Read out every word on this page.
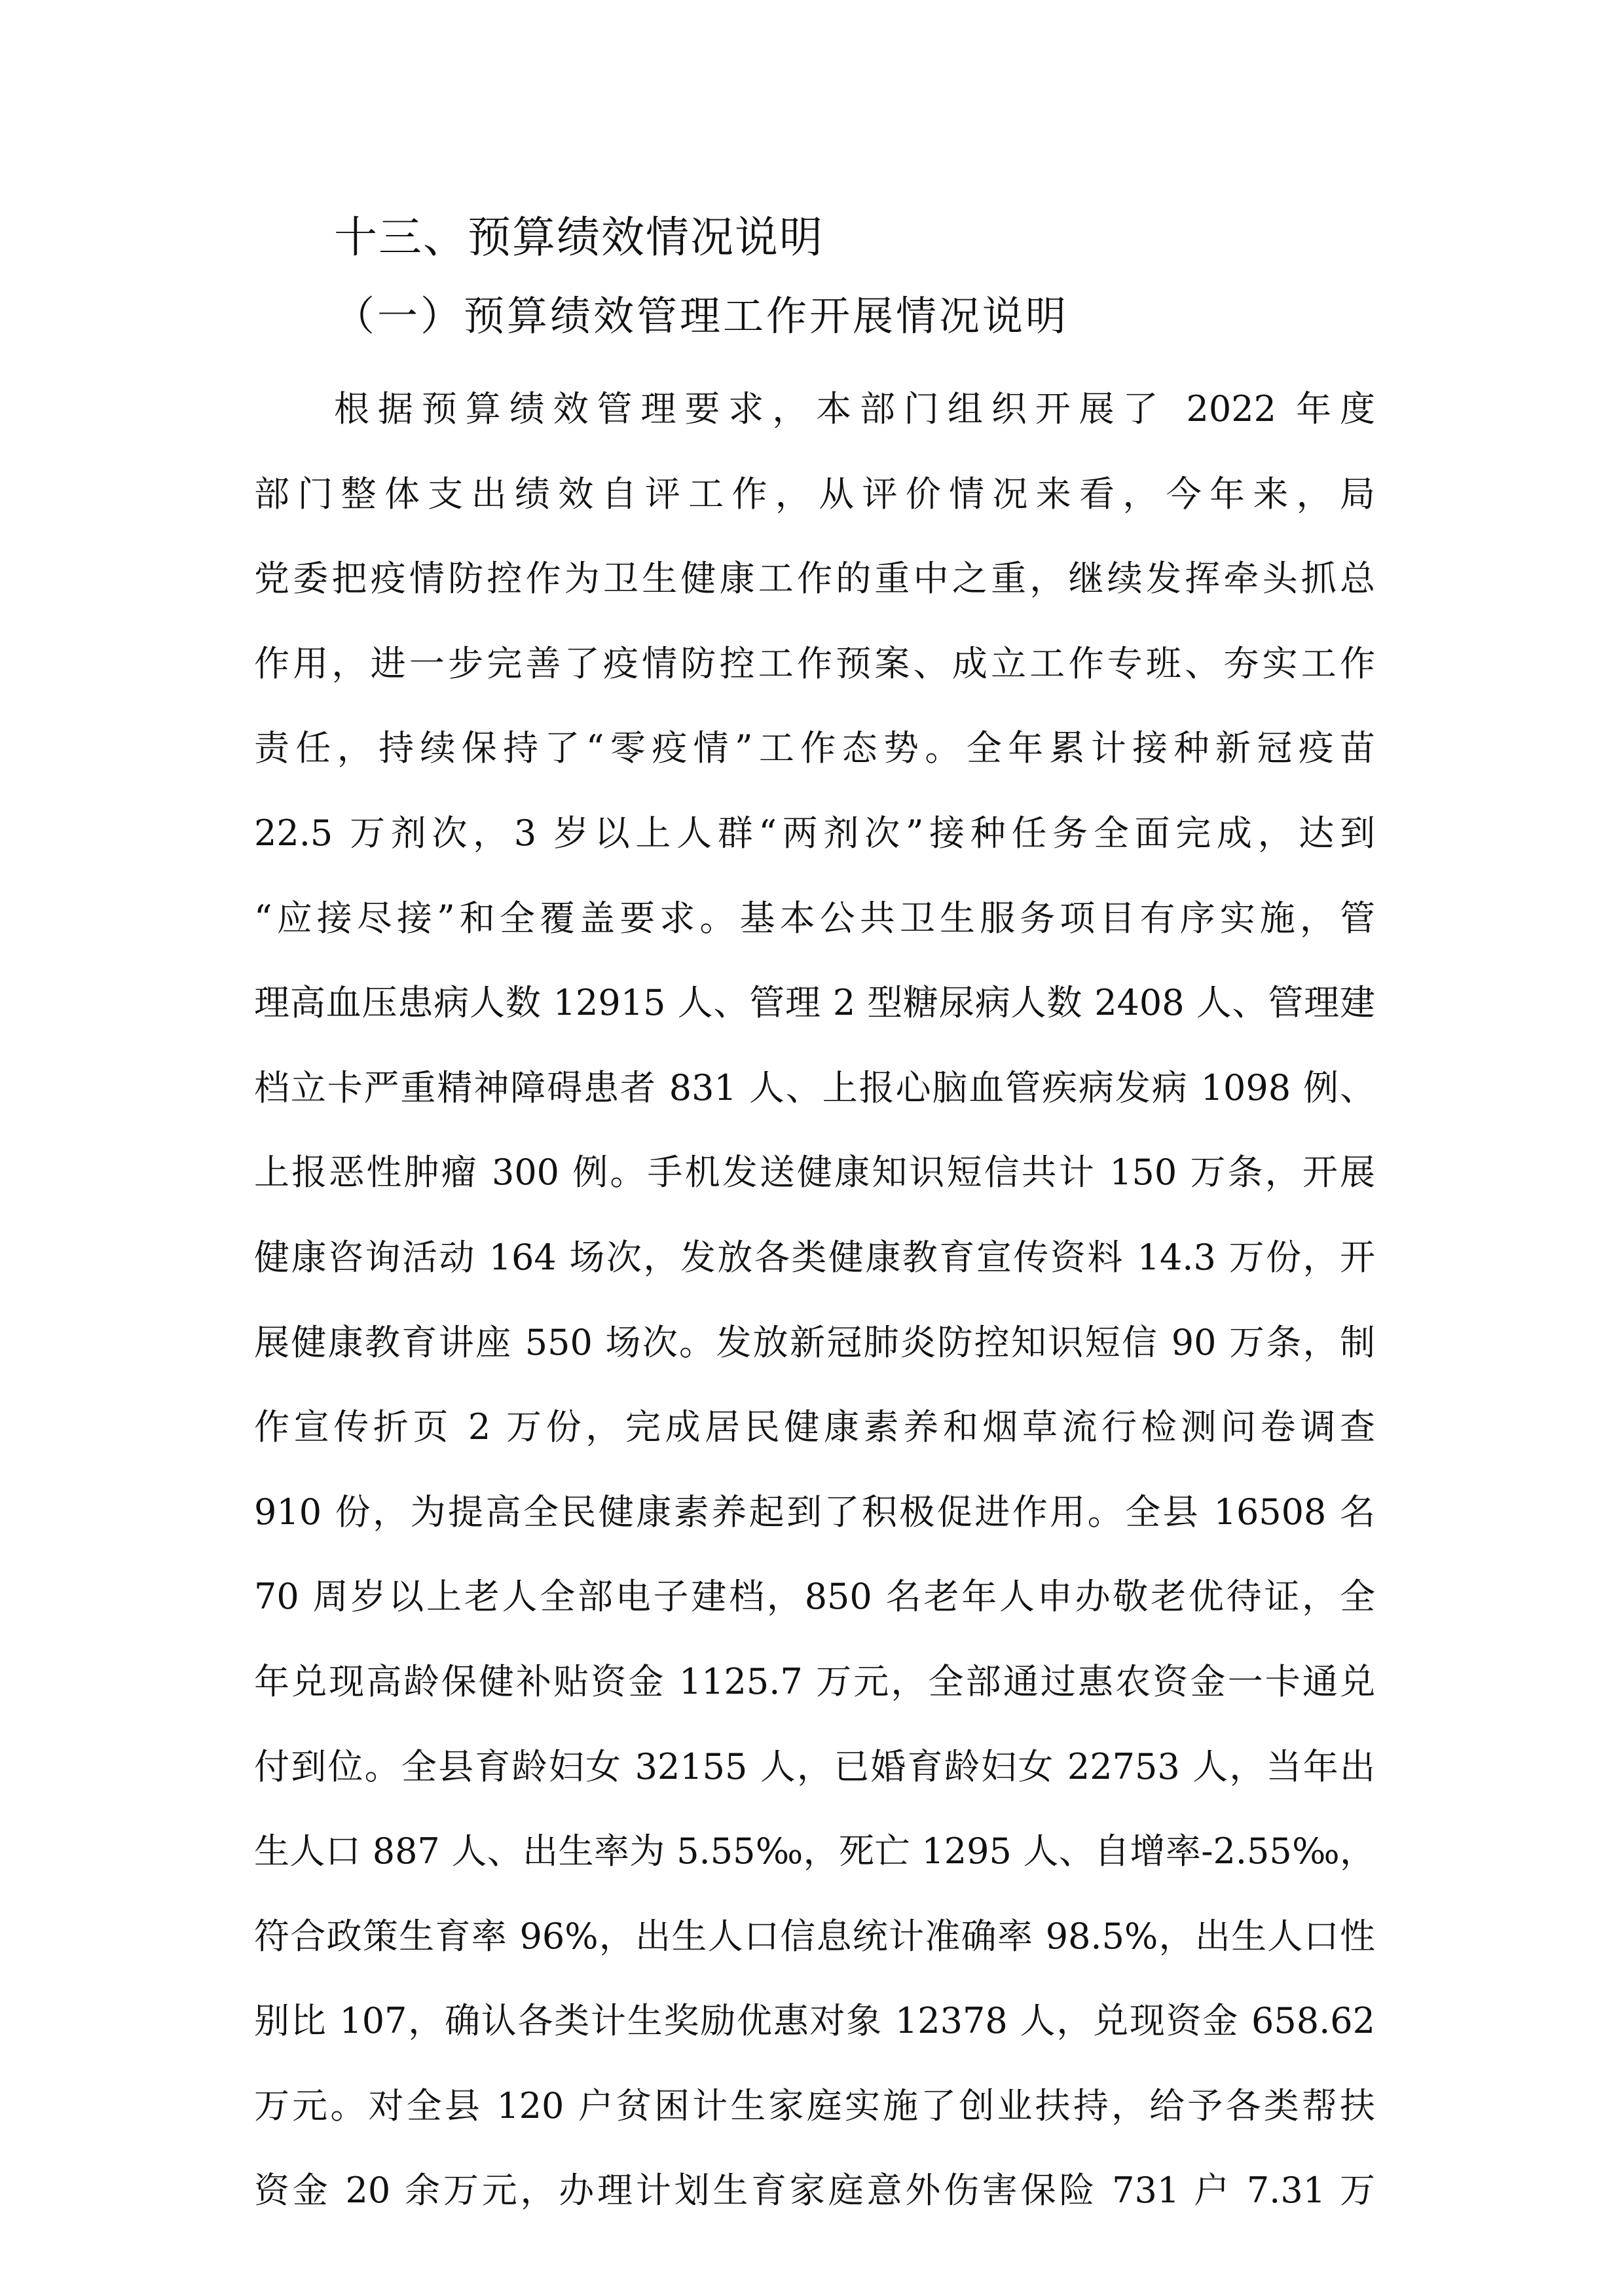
十三、预算绩效情况说明
（一）预算绩效管理工作开展情况说明
根据预算绩效管理要求，本部门组织开展了 2022 年度
部门整体支出绩效自评工作，从评价情况来看，今年来，局
党委把疫情防控作为卫生健康工作的重中之重，继续发挥牵头抓总
作用，进一步完善了疫情防控工作预案、成立工作专班、夯实工作
责任，持续保持了“零疫情”工作态势。全年累计接种新冠疫苗
22.5 万剂次，3 岁以上人群“两剂次”接种任务全面完成，达到
“应接尽接”和全覆盖要求。基本公共卫生服务项目有序实施，管
理高血压患病人数 12915 人、管理 2 型糖尿病人数 2408 人、管理建
档立卡严重精神障碍患者 831 人、上报心脑血管疾病发病 1098 例、
上报恶性肿瘤 300 例。手机发送健康知识短信共计 150 万条，开展
健康咨询活动 164 场次，发放各类健康教育宣传资料 14.3 万份，开
展健康教育讲座 550 场次。发放新冠肺炎防控知识短信 90 万条，制
作宣传折页 2 万份，完成居民健康素养和烟草流行检测问卷调查
910 份，为提高全民健康素养起到了积极促进作用。全县 16508 名
70 周岁以上老人全部电子建档，850 名老年人申办敬老优待证，全
年兑现高龄保健补贴资金 1125.7 万元，全部通过惠农资金一卡通兑
付到位。全县育龄妇女 32155 人，已婚育龄妇女 22753 人，当年出
生人口 887 人、出生率为 5.55‰，死亡 1295 人、自增率-2.55‰，
符合政策生育率 96%，出生人口信息统计准确率 98.5%，出生人口性
别比 107，确认各类计生奖励优惠对象 12378 人，兑现资金 658.62
万元。对全县 120 户贫困计生家庭实施了创业扶持，给予各类帮扶
资金 20 余万元，办理计划生育家庭意外伤害保险 731 户 7.31 万
